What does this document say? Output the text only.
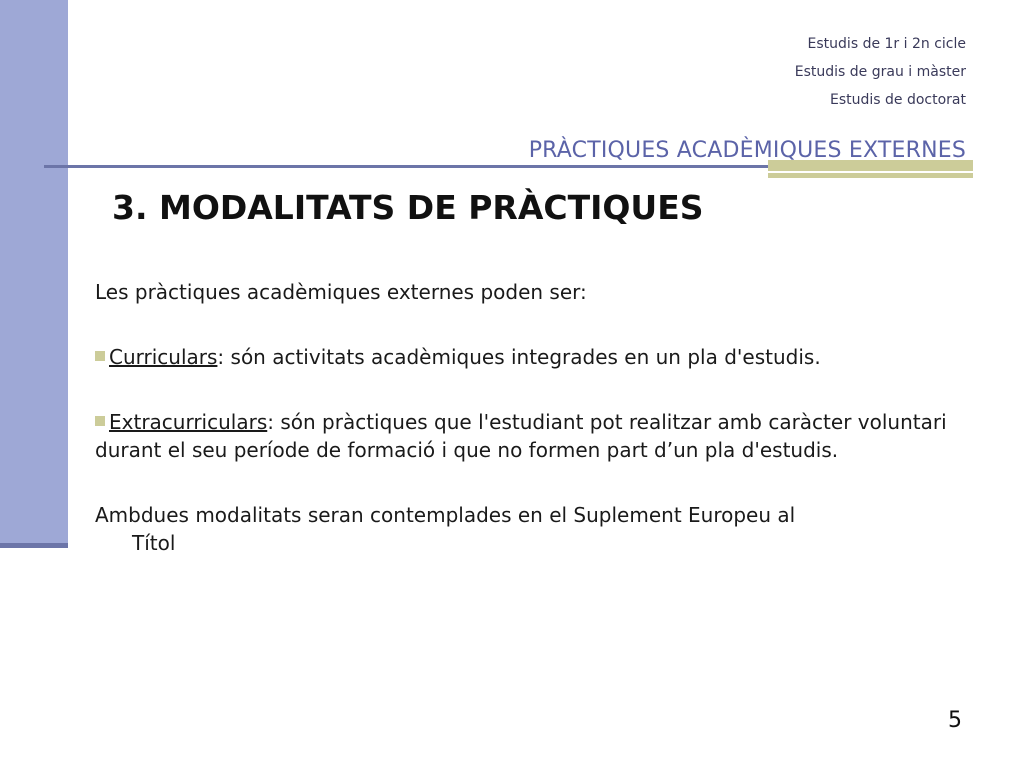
Estudis de 1r i 2n cicle
Estudis de grau i màster
Estudis de doctorat
PRÀCTIQUES ACADÈMIQUES EXTERNES
3. MODALITATS DE PRÀCTIQUES

Les pràctiques acadèmiques externes poden ser:

Curriculars: són activitats acadèmiques integrades en un pla d'estudis.

Extracurriculars: són pràctiques que l'estudiant pot realitzar amb caràcter voluntari durant el seu període de formació i que no formen part d’un pla d'estudis.

Ambdues modalitats seran contemplades en el Suplement Europeu al
Títol

5
